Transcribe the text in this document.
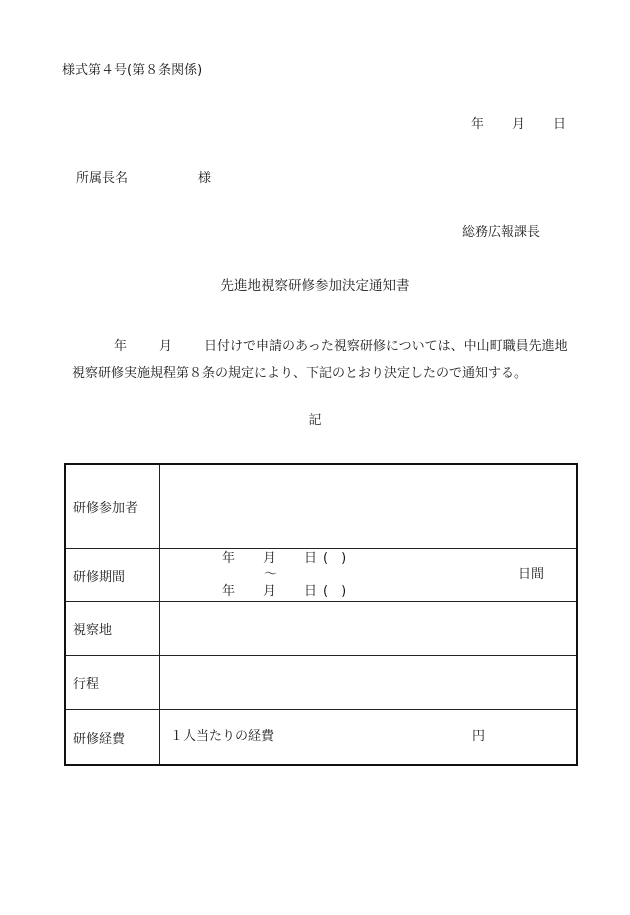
様式第４号(第８条関係)
年 月 日
所属長名	様
総務広報課長
先進地視察研修参加決定通知書
年 月 日付けで申請のあった視察研修については、中山町職員先進地
視察研修実施規程第８条の規定により、下記のとおり決定したので通知する。
記
研修参加者	
研修期間	年 月 日 (　)
～
年 月 日 (　)
日間

視察地	
行程	
研修経費	１人当たりの経費 円
